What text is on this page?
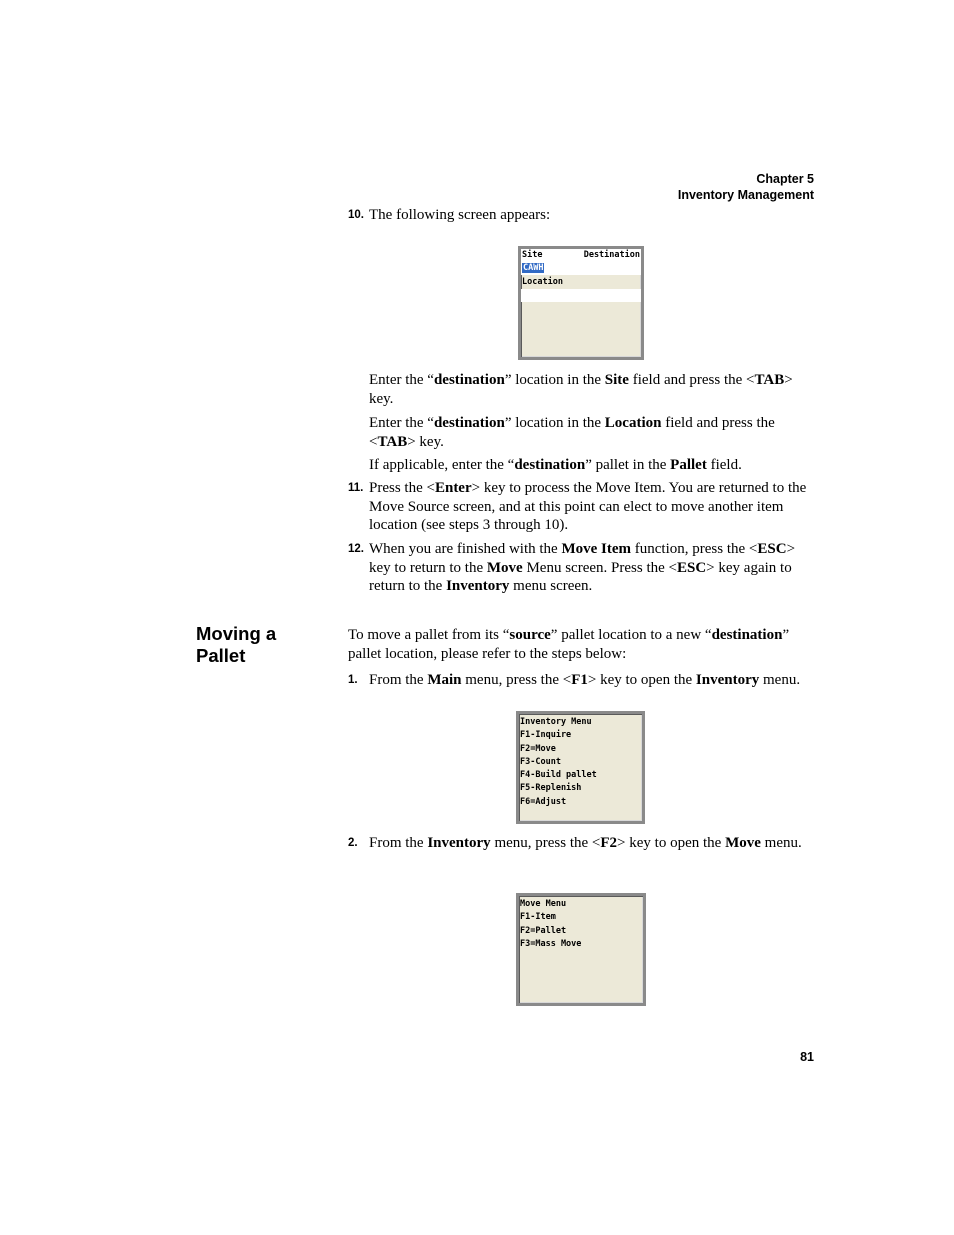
Chapter 5
Inventory Management
10. The following screen appears:
Site	Destination
CAWH
Location
Enter the “destination” location in the Site field and press the <TAB> key.
Enter the “destination” location in the Location field and press the <TAB> key.
If applicable, enter the “destination” pallet in the Pallet field.
11. Press the <Enter> key to process the Move Item. You are returned to the Move Source screen, and at this point can elect to move another item location (see steps 3 through 10).
12. When you are finished with the Move Item function, press the <ESC> key to return to the Move Menu screen. Press the <ESC> key again to return to the Inventory menu screen.
Moving a Pallet
To move a pallet from its “source” pallet location to a new “destination” pallet location, please refer to the steps below:
1. From the Main menu, press the <F1> key to open the Inventory menu.
Inventory Menu
F1-Inquire
F2=Move
F3-Count
F4-Build pallet
F5-Replenish
F6=Adjust
2. From the Inventory menu, press the <F2> key to open the Move menu.
Move Menu
F1-Item
F2=Pallet
F3=Mass Move
81
